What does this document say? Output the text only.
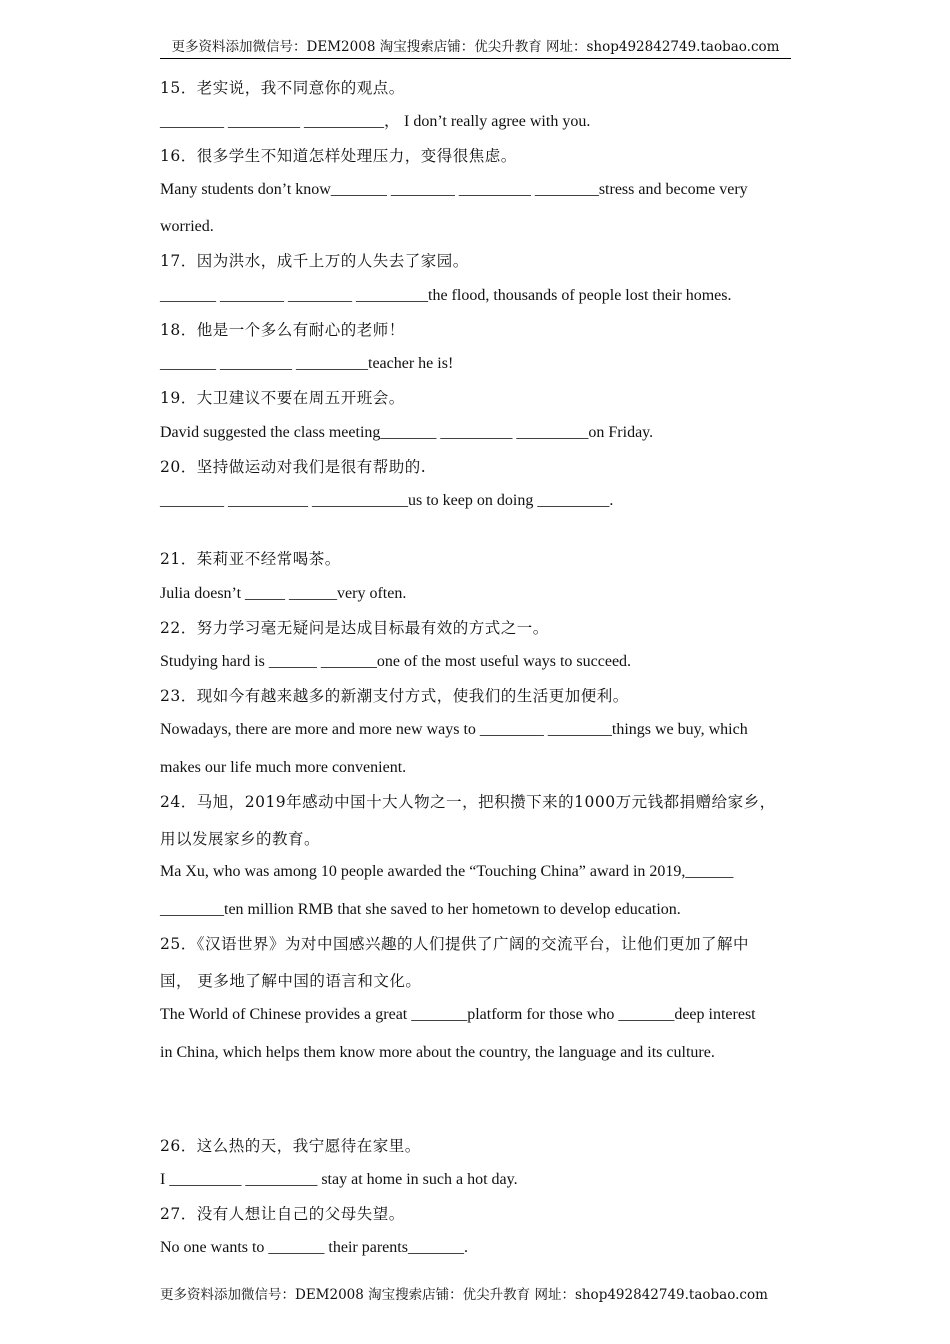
更多资料添加微信号：DEM2008 淘宝搜索店铺：优尖升教育 网址：shop492842749.taobao.com
15．老实说，我不同意你的观点。
________ _________ __________， I don’t really agree with you.
16．很多学生不知道怎样处理压力，变得很焦虑。
Many students don’t know_______ ________ _________ ________stress and become very
worried.
17．因为洪水，成千上万的人失去了家园。
_______ ________ ________ _________the flood, thousands of people lost their homes.
18．他是一个多么有耐心的老师！
_______ _________ _________teacher he is!
19．大卫建议不要在周五开班会。
David suggested the class meeting_______ _________ _________on Friday.
20．坚持做运动对我们是很有帮助的.
________ __________ ____________us to keep on doing _________.
21．茱莉亚不经常喝茶。
Julia doesn’t _____ ______very often.
22．努力学习毫无疑问是达成目标最有效的方式之一。
Studying hard is ______ _______one of the most useful ways to succeed.
23．现如今有越来越多的新潮支付方式，使我们的生活更加便利。
Nowadays, there are more and more new ways to ________ ________things we buy, which
makes our life much more convenient.
24．马旭，2019年感动中国十大人物之一，把积攒下来的1000万元钱都捐赠给家乡，
用以发展家乡的教育。
Ma Xu, who was among 10 people awarded the “Touching China” award in 2019,______
________ten million RMB that she saved to her hometown to develop education.
25．《汉语世界》为对中国感兴趣的人们提供了广阔的交流平台，让他们更加了解中
国， 更多地了解中国的语言和文化。
The World of Chinese provides a great _______platform for those who _______deep interest
in China, which helps them know more about the country, the language and its culture.
26．这么热的天，我宁愿待在家里。
I _________ _________ stay at home in such a hot day.
27．没有人想让自己的父母失望。
No one wants to _______ their parents_______.
更多资料添加微信号：DEM2008 淘宝搜索店铺：优尖升教育 网址：shop492842749.taobao.com
